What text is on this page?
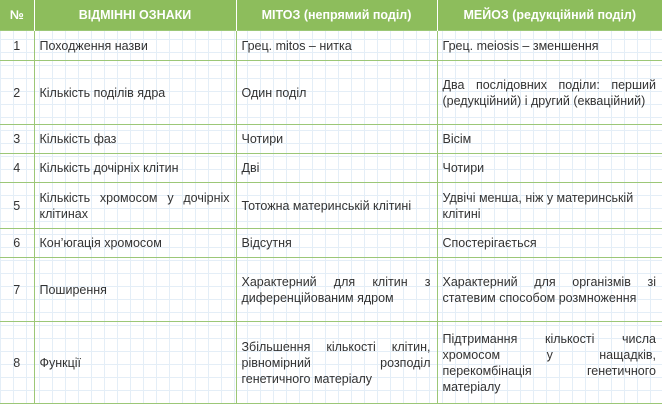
№	ВІДМІННІ ОЗНАКИ	МІТОЗ (непрямий поділ)	МЕЙОЗ (редукційний поділ)
1	Походження назви	Грец. mitos – нитка	Грец. meiosis – зменшення
2	Кількість поділів ядра	Один поділ	Два послідовних поділи: перший (редукційний) і другий (екваційний)
3	Кількість фаз	Чотири	Вісім
4	Кількість дочірніх клітин	Дві	Чотири
5	Кількість хромосом у дочірніх клітинах	Тотожна материнській клітині	Удвічі менша, ніж у материнській клітині
6	Кон’югація хромосом	Відсутня	Спостерігається
7	Поширення	Характерний для клітин з диференційованим ядром	Характерний для організмів зі статевим способом розмноження
8	Функції	Збільшення кількості клітин, рівномірний розподіл генетичного матеріалу	Підтримання кількості числа хромосом у нащадків, перекомбінація генетичного матеріалу
